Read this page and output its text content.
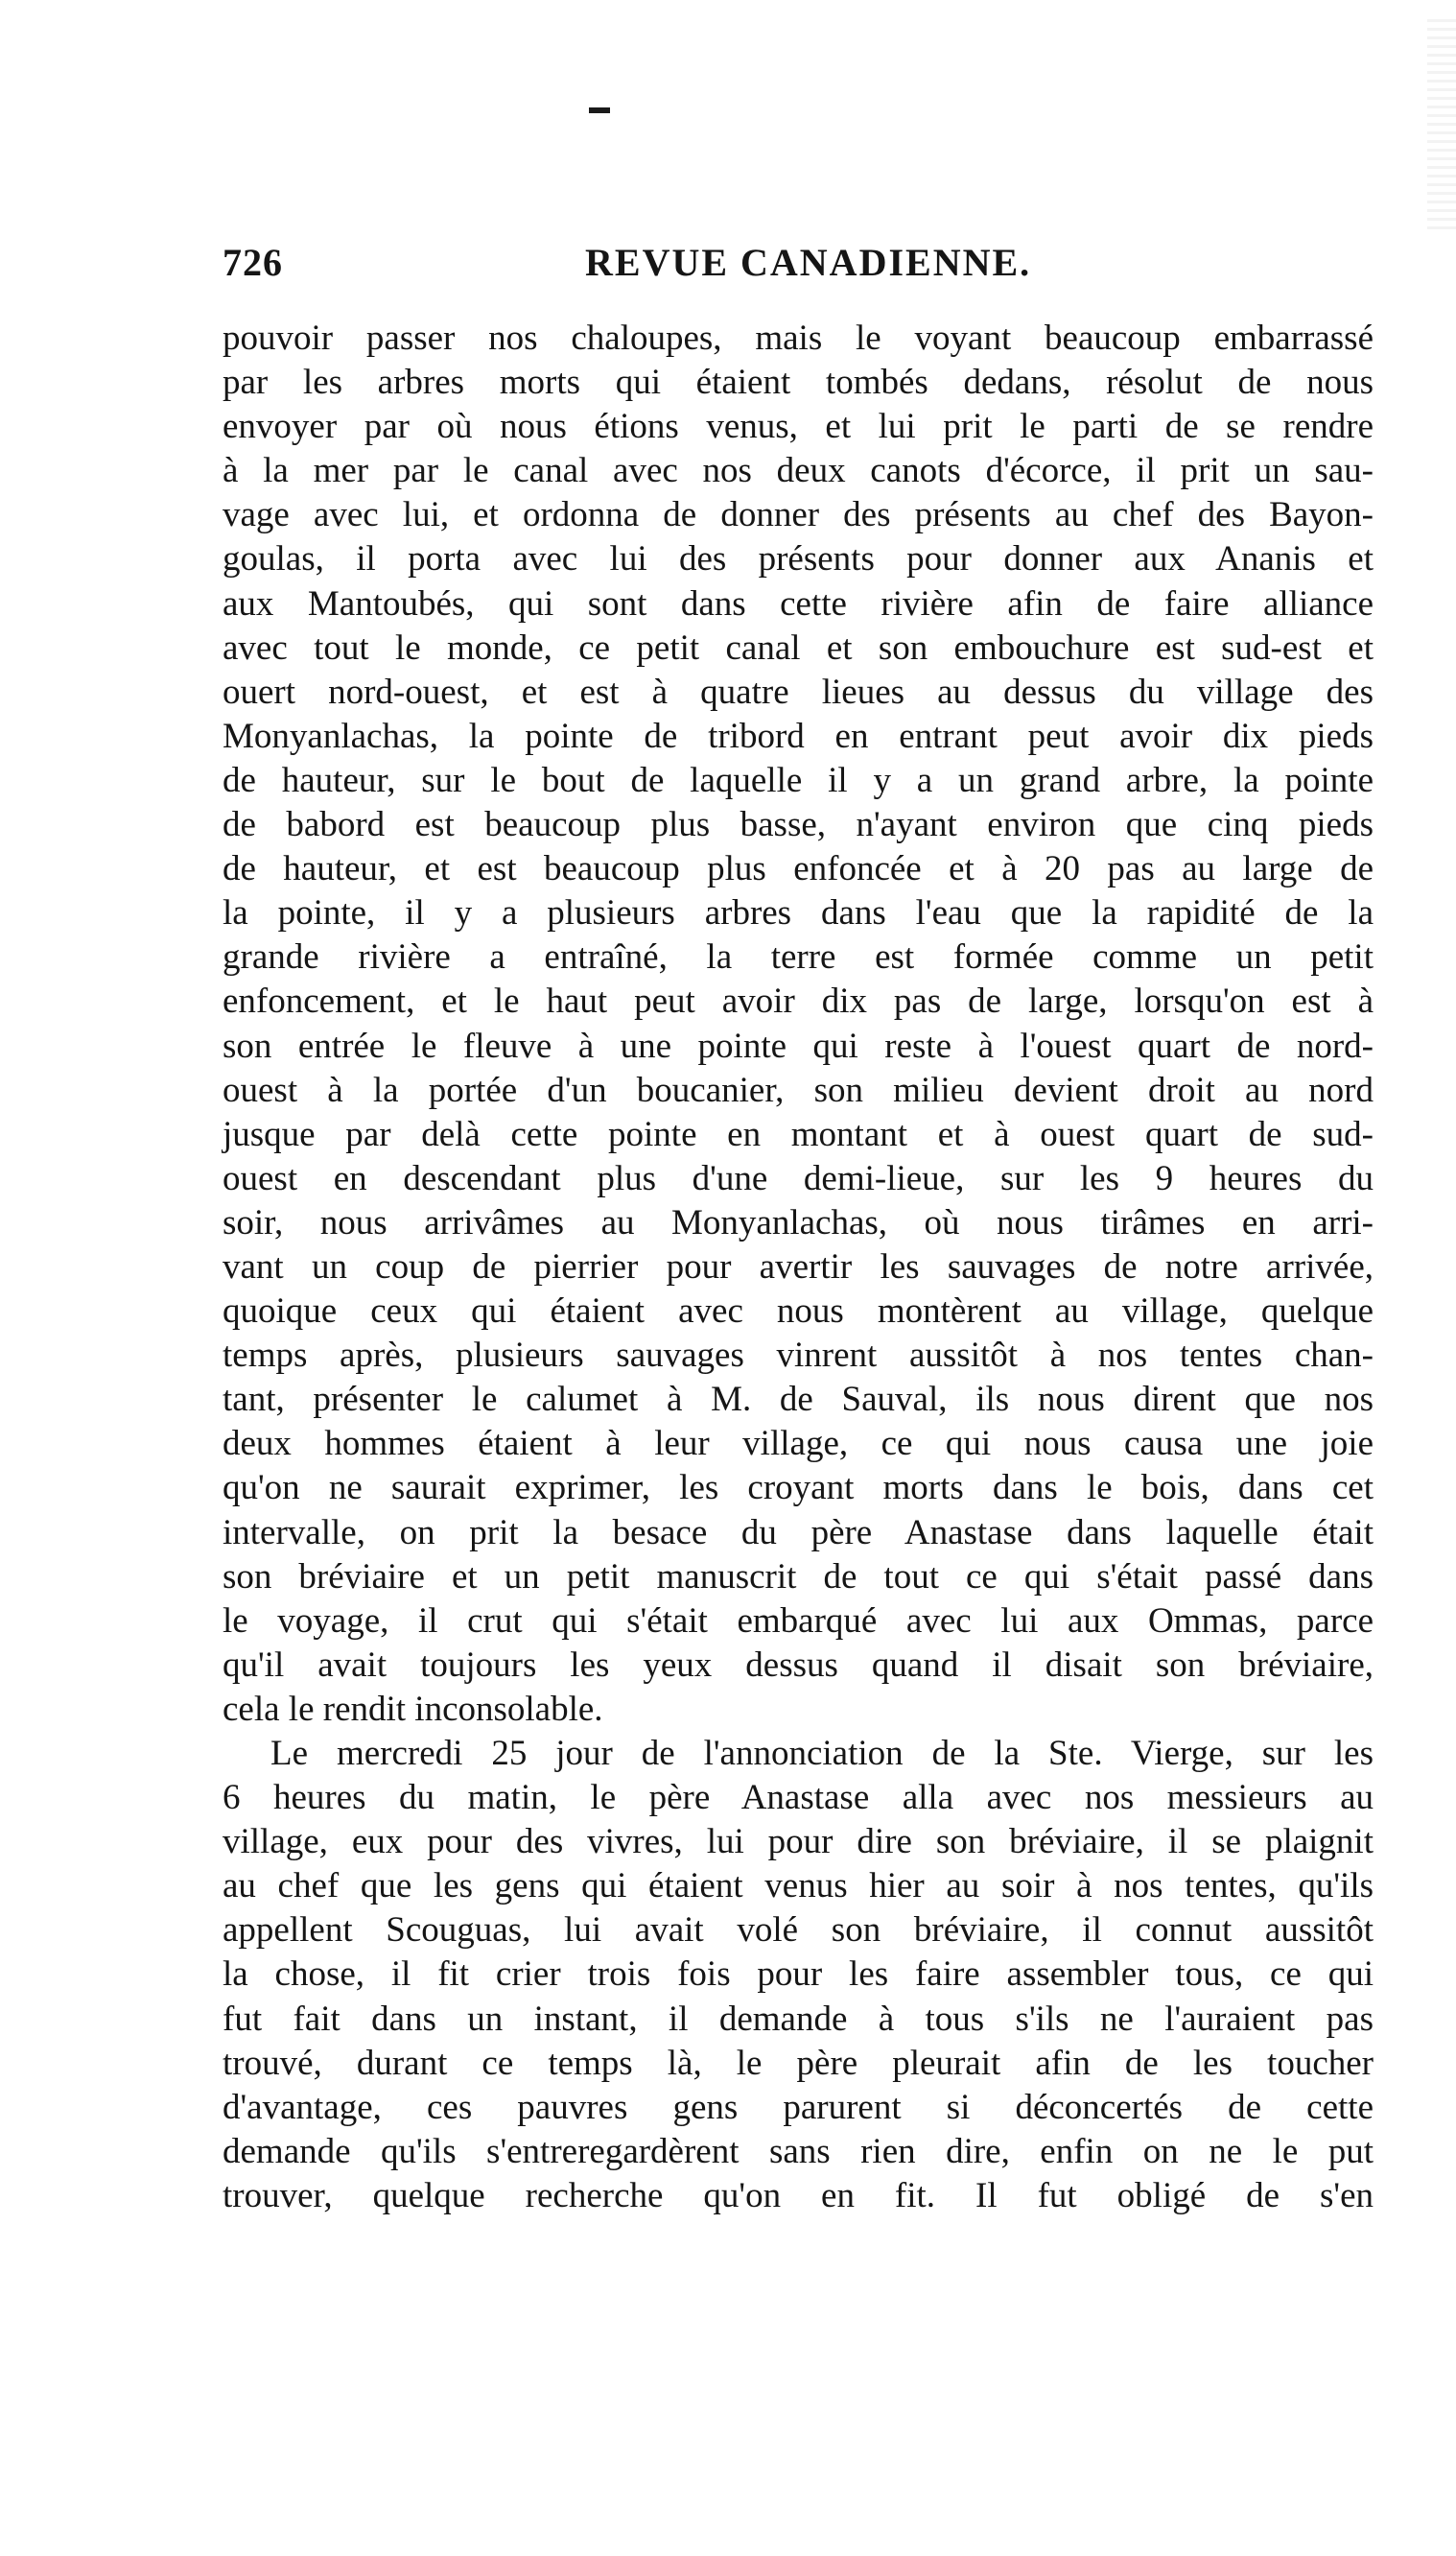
726	REVUE CANADIENNE.
pouvoir passer nos chaloupes, mais le voyant beaucoup embarrassé
par les arbres morts qui étaient tombés dedans, résolut de nous
envoyer par où nous étions venus, et lui prit le parti de se rendre
à la mer par le canal avec nos deux canots d'écorce, il prit un sau-
vage avec lui, et ordonna de donner des présents au chef des Bayon-
goulas, il porta avec lui des présents pour donner aux Ananis et
aux Mantoubés, qui sont dans cette rivière afin de faire alliance
avec tout le monde, ce petit canal et son embouchure est sud-est et
ouert nord-ouest, et est à quatre lieues au dessus du village des
Monyanlachas, la pointe de tribord en entrant peut avoir dix pieds
de hauteur, sur le bout de laquelle il y a un grand arbre, la pointe
de babord est beaucoup plus basse, n'ayant environ que cinq pieds
de hauteur, et est beaucoup plus enfoncée et à 20 pas au large de
la pointe, il y a plusieurs arbres dans l'eau que la rapidité de la
grande rivière a entraîné, la terre est formée comme un petit
enfoncement, et le haut peut avoir dix pas de large, lorsqu'on est à
son entrée le fleuve à une pointe qui reste à l'ouest quart de nord-
ouest à la portée d'un boucanier, son milieu devient droit au nord
jusque par delà cette pointe en montant et à ouest quart de sud-
ouest en descendant plus d'une demi-lieue, sur les 9 heures du
soir, nous arrivâmes au Monyanlachas, où nous tirâmes en arri-
vant un coup de pierrier pour avertir les sauvages de notre arrivée,
quoique ceux qui étaient avec nous montèrent au village, quelque
temps après, plusieurs sauvages vinrent aussitôt à nos tentes chan-
tant, présenter le calumet à M. de Sauval, ils nous dirent que nos
deux hommes étaient à leur village, ce qui nous causa une joie
qu'on ne saurait exprimer, les croyant morts dans le bois, dans cet
intervalle, on prit la besace du père Anastase dans laquelle était
son bréviaire et un petit manuscrit de tout ce qui s'était passé dans
le voyage, il crut qui s'était embarqué avec lui aux Ommas, parce
qu'il avait toujours les yeux dessus quand il disait son bréviaire,
cela le rendit inconsolable.
Le mercredi 25 jour de l'annonciation de la Ste. Vierge, sur les
6 heures du matin, le père Anastase alla avec nos messieurs au
village, eux pour des vivres, lui pour dire son bréviaire, il se plaignit
au chef que les gens qui étaient venus hier au soir à nos tentes, qu'ils
appellent Scouguas, lui avait volé son bréviaire, il connut aussitôt
la chose, il fit crier trois fois pour les faire assembler tous, ce qui
fut fait dans un instant, il demande à tous s'ils ne l'auraient pas
trouvé, durant ce temps là, le père pleurait afin de les toucher
d'avantage, ces pauvres gens parurent si déconcertés de cette
demande qu'ils s'entreregardèrent sans rien dire, enfin on ne le put
trouver, quelque recherche qu'on en fit. Il fut obligé de s'en
